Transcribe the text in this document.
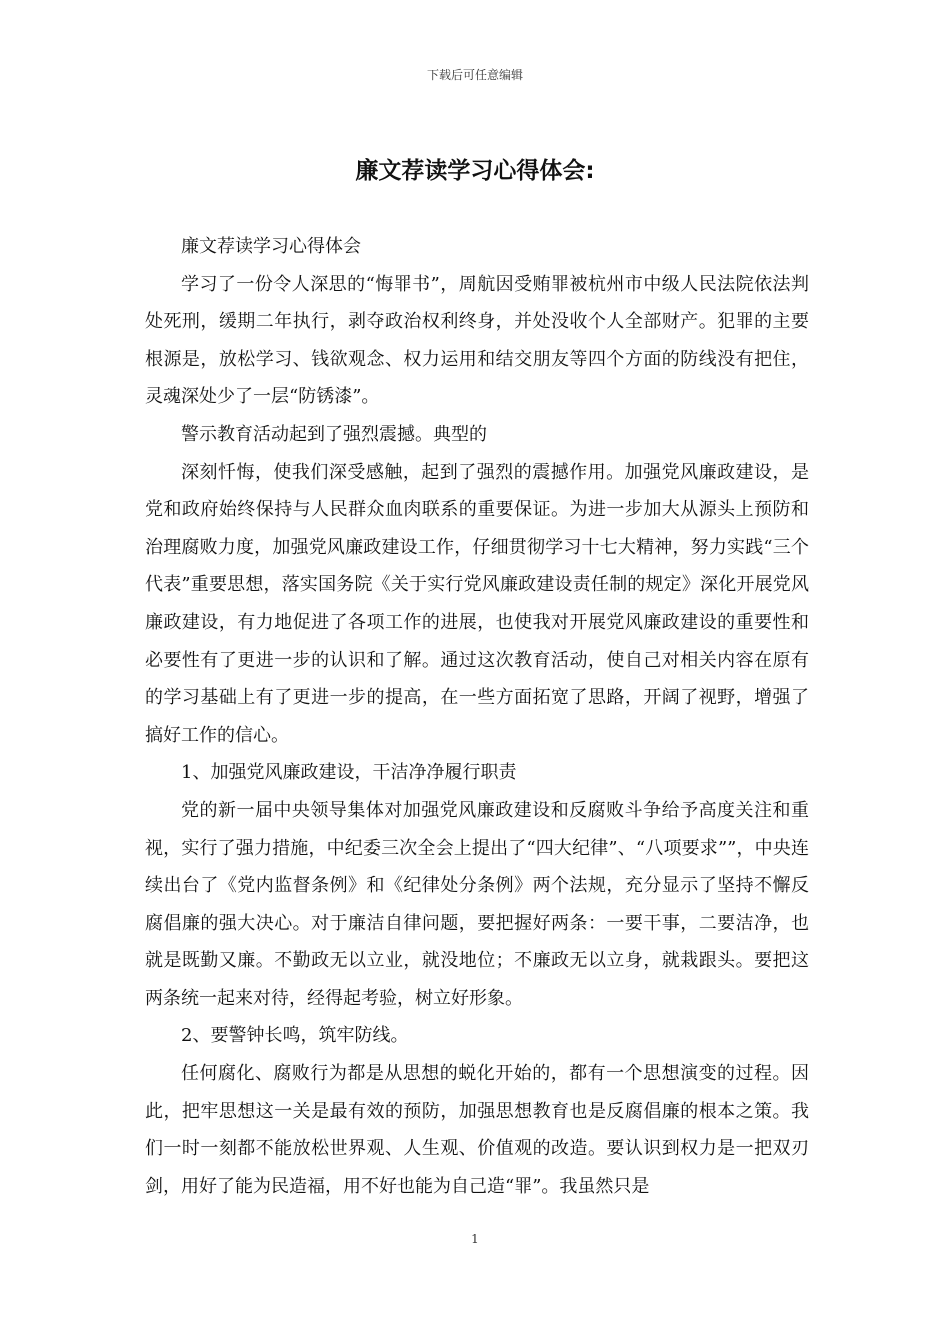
下载后可任意编辑
廉文荐读学习心得体会:

廉文荐读学习心得体会

学习了一份令人深思的“悔罪书”，周航因受贿罪被杭州市中级人民法院依法判处死刑，缓期二年执行，剥夺政治权利终身，并处没收个人全部财产。犯罪的主要根源是，放松学习、钱欲观念、权力运用和结交朋友等四个方面的防线没有把住，灵魂深处少了一层“防锈漆”。

警示教育活动起到了强烈震撼。典型的

深刻忏悔，使我们深受感触，起到了强烈的震撼作用。加强党风廉政建设，是党和政府始终保持与人民群众血肉联系的重要保证。为进一步加大从源头上预防和治理腐败力度，加强党风廉政建设工作，仔细贯彻学习十七大精神，努力实践“三个代表”重要思想，落实国务院《关于实行党风廉政建设责任制的规定》深化开展党风廉政建设，有力地促进了各项工作的进展，也使我对开展党风廉政建设的重要性和必要性有了更进一步的认识和了解。通过这次教育活动，使自己对相关内容在原有的学习基础上有了更进一步的提高，在一些方面拓宽了思路，开阔了视野，增强了搞好工作的信心。

1、加强党风廉政建设，干洁净净履行职责

党的新一届中央领导集体对加强党风廉政建设和反腐败斗争给予高度关注和重视，实行了强力措施，中纪委三次全会上提出了“四大纪律”、“八项要求””，中央连续出台了《党内监督条例》和《纪律处分条例》两个法规，充分显示了坚持不懈反腐倡廉的强大决心。对于廉洁自律问题，要把握好两条：一要干事，二要洁净，也就是既勤又廉。不勤政无以立业，就没地位；不廉政无以立身，就栽跟头。要把这两条统一起来对待，经得起考验，树立好形象。

2、要警钟长鸣，筑牢防线。

任何腐化、腐败行为都是从思想的蜕化开始的，都有一个思想演变的过程。因此，把牢思想这一关是最有效的预防，加强思想教育也是反腐倡廉的根本之策。我们一时一刻都不能放松世界观、人生观、价值观的改造。要认识到权力是一把双刃剑，用好了能为民造福，用不好也能为自己造“罪”。我虽然只是

1
